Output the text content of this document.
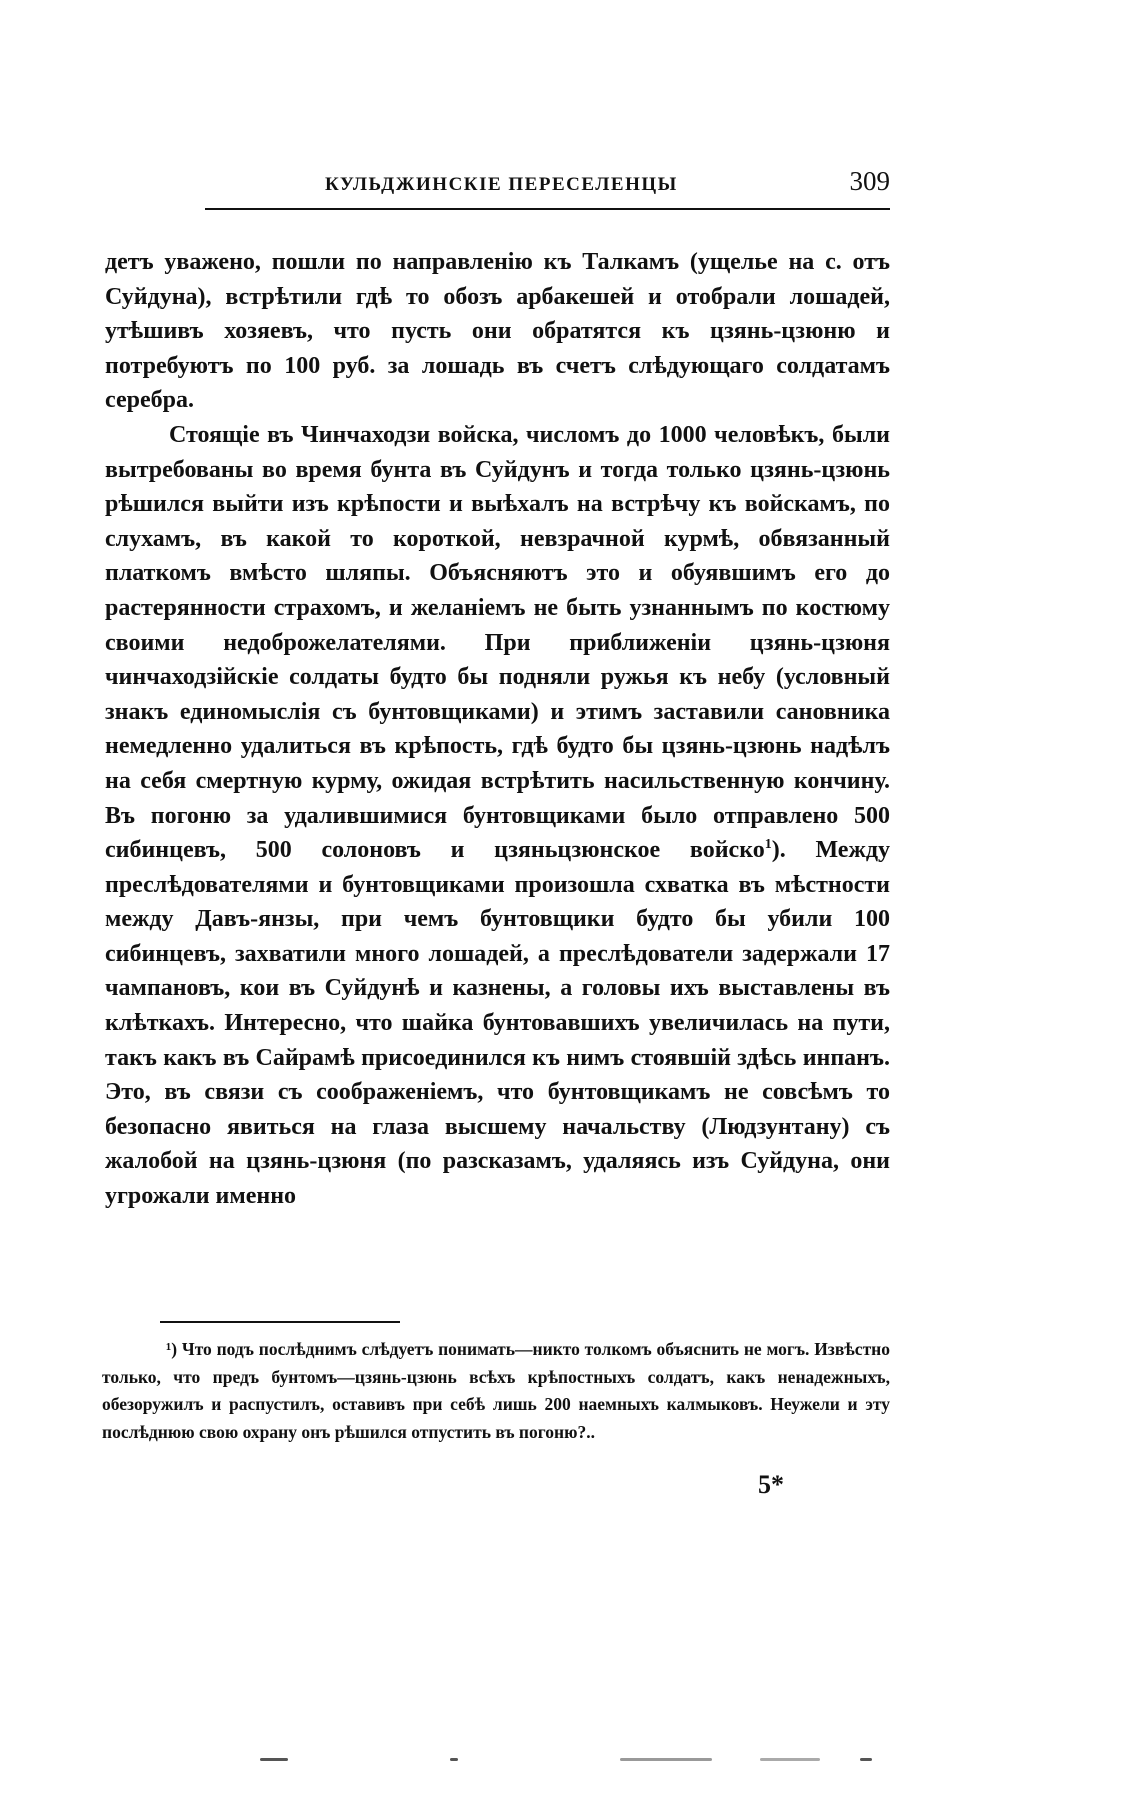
КУЛЬДЖИНСКІЕ ПЕРЕСЕЛЕНЦЫ	309

детъ уважено, пошли по направленію къ Талкамъ (ущелье на с. отъ Суйдуна), встрѣтили гдѣ то обозъ арбакешей и отобрали лошадей, утѣшивъ хозяевъ, что пусть они обратятся къ цзянь-цзюню и потребуютъ по 100 руб. за лошадь въ счетъ слѣдующаго солдатамъ серебра.

Стоящіе въ Чинчаходзи войска, числомъ до 1000 человѣкъ, были вытребованы во время бунта въ Суйдунъ и тогда только цзянь-цзюнь рѣшился выйти изъ крѣпости и выѣхалъ на встрѣчу къ войскамъ, по слухамъ, въ какой то короткой, невзрачной курмѣ, обвязанный платкомъ вмѣсто шляпы. Объясняютъ это и обуявшимъ его до растерянности страхомъ, и желаніемъ не быть узнаннымъ по костюму своими недоброжелателями. При приближеніи цзянь-цзюня чинчаходзійскіе солдаты будто бы подняли ружья къ небу (условный знакъ единомыслія съ бунтовщиками) и этимъ заставили сановника немедленно удалиться въ крѣпость, гдѣ будто бы цзянь-цзюнь надѣлъ на себя смертную курму, ожидая встрѣтить насильственную кончину. Въ погоню за удалившимися бунтовщиками было отправлено 500 сибинцевъ, 500 солоновъ и цзяньцзюнское войско$^1$). Между преслѣдователями и бунтовщиками произошла схватка въ мѣстности между Давъ-янзы, при чемъ бунтовщики будто бы убили 100 сибинцевъ, захватили много лошадей, а преслѣдователи задержали 17 чампановъ, кои въ Суйдунѣ и казнены, а головы ихъ выставлены въ клѣткахъ. Интересно, что шайка бунтовавшихъ увеличилась на пути, такъ какъ въ Сайрамѣ присоединился къ нимъ стоявшій здѣсь инпанъ. Это, въ связи съ соображеніемъ, что бунтовщикамъ не совсѣмъ то безопасно явиться на глаза высшему начальству (Людзунтану) съ жалобой на цзянь-цзюня (по разсказамъ, удаляясь изъ Суйдуна, они угрожали именно

¹) Что подъ послѣднимъ слѣдуетъ понимать—никто толкомъ объяснить не могъ. Извѣстно только, что предъ бунтомъ—цзянь-цзюнь всѣхъ крѣпостныхъ солдатъ, какъ ненадежныхъ, обезоружилъ и распустилъ, оставивъ при себѣ лишь 200 наемныхъ калмыковъ. Неужели и эту послѣднюю свою охрану онъ рѣшился отпустить въ погоню?..

5*
